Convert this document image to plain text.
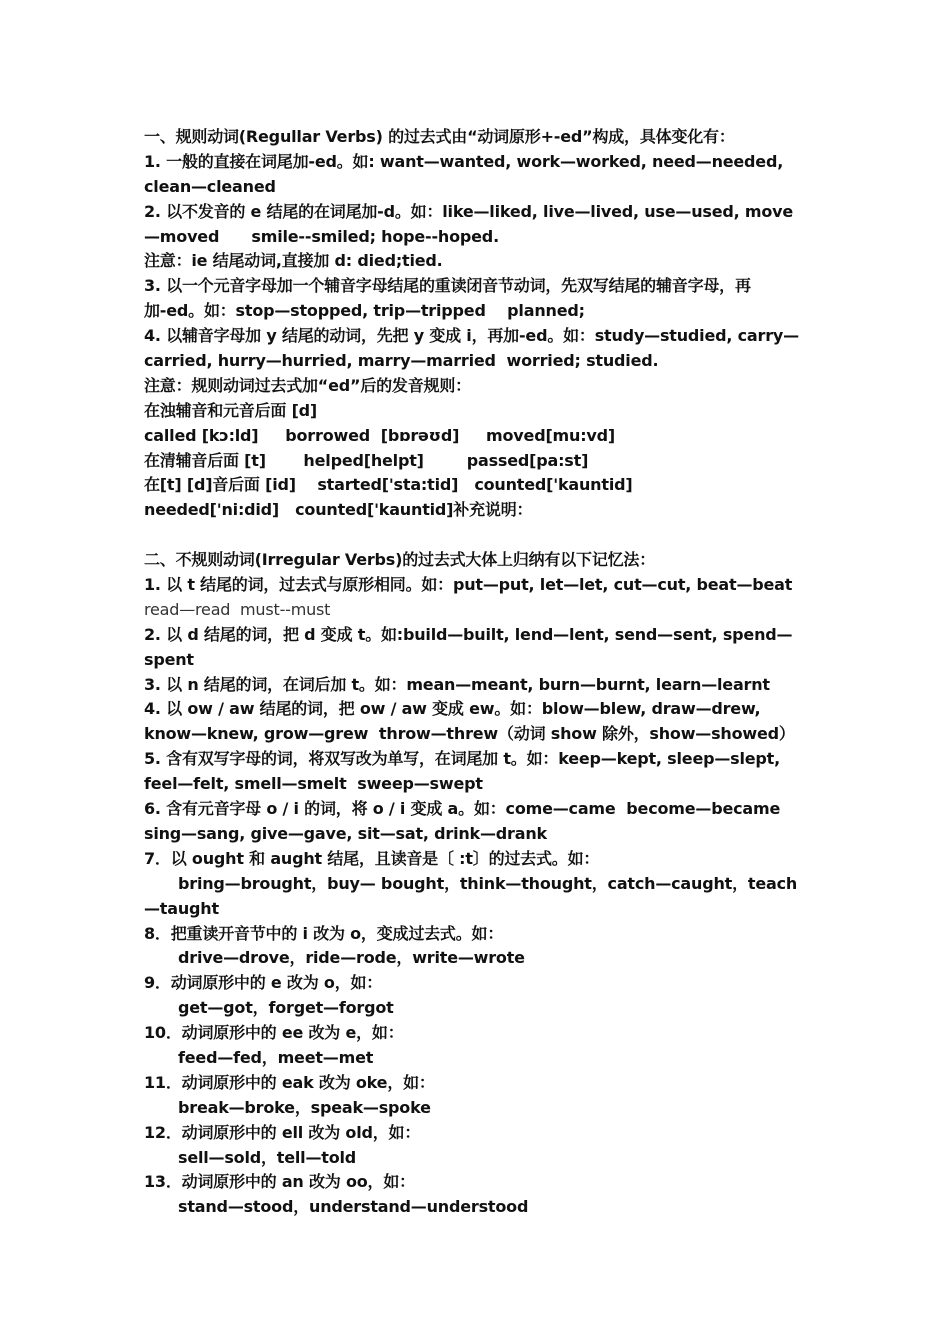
一、规则动词(Regullar Verbs) 的过去式由“动词原形+-ed”构成，具体变化有：
1. 一般的直接在词尾加-ed。如: want—wanted, work—worked, need—needed,
clean—cleaned
2. 以不发音的 e 结尾的在词尾加-d。如：like—liked, live—lived, use—used, move
—moved      smile--smiled; hope--hoped.
注意：ie 结尾动词,直接加 d: died;tied.
3. 以一个元音字母加一个辅音字母结尾的重读闭音节动词，先双写结尾的辅音字母，再
加-ed。如：stop—stopped, trip—tripped    planned;
4. 以辅音字母加 y 结尾的动词，先把 y 变成 i，再加-ed。如：study—studied, carry—
carried, hurry—hurried, marry—married  worried; studied.
注意：规则动词过去式加“ed”后的发音规则：
在浊辅音和元音后面 [d]
called [kɔ:ld]     borrowed  [bɒrəʊd]     moved[mu:vd]
在清辅音后面 [t]       helped[helpt]        passed[pa:st]
在[t] [d]音后面 [id]    started['sta:tid]   counted['kauntid]
needed['ni:did]   counted['kauntid]补充说明：
二、不规则动词(Irregular Verbs)的过去式大体上归纳有以下记忆法：
1. 以 t 结尾的词，过去式与原形相同。如：put—put, let—let, cut—cut, beat—beat
read—read  must--must
2. 以 d 结尾的词，把 d 变成 t。如:build—built, lend—lent, send—sent, spend—
spent
3. 以 n 结尾的词，在词后加 t。如：mean—meant, burn—burnt, learn—learnt
4. 以 ow / aw 结尾的词，把 ow / aw 变成 ew。如：blow—blew, draw—drew,
know—knew, grow—grew  throw—threw（动词 show 除外，show—showed）
5. 含有双写字母的词，将双写改为单写，在词尾加 t。如：keep—kept, sleep—slept,
feel—felt, smell—smelt  sweep—swept
6. 含有元音字母 o / i 的词，将 o / i 变成 a。如：come—came  become—became
sing—sang, give—gave, sit—sat, drink—drank
7．以 ought 和 aught 结尾，且读音是〔 :t〕的过去式。如：
bring—brought，buy— bought，think—thought，catch—caught，teach
—taught
8．把重读开音节中的 i 改为 o，变成过去式。如：
drive—drove，ride—rode，write—wrote
9．动词原形中的 e 改为 o，如：
get—got，forget—forgot
10．动词原形中的 ee 改为 e，如：
feed—fed，meet—met
11．动词原形中的 eak 改为 oke，如：
break—broke，speak—spoke
12．动词原形中的 ell 改为 old，如：
sell—sold，tell—told
13．动词原形中的 an 改为 oo，如：
stand—stood，understand—understood
